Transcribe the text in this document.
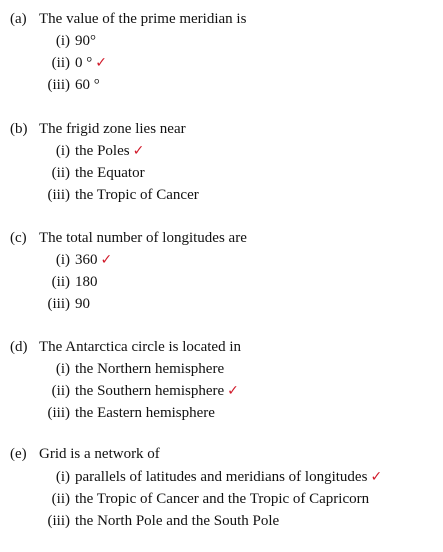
(a) The value of the prime meridian is
(i) 90°
(ii) 0 ° ✓
(iii) 60 °
(b) The frigid zone lies near
(i) the Poles ✓
(ii) the Equator
(iii) the Tropic of Cancer
(c) The total number of longitudes are
(i) 360 ✓
(ii) 180
(iii) 90
(d) The Antarctica circle is located in
(i) the Northern hemisphere
(ii) the Southern hemisphere ✓
(iii) the Eastern hemisphere
(e) Grid is a network of
(i) parallels of latitudes and meridians of longitudes ✓
(ii) the Tropic of Cancer and the Tropic of Capricorn
(iii) the North Pole and the South Pole
